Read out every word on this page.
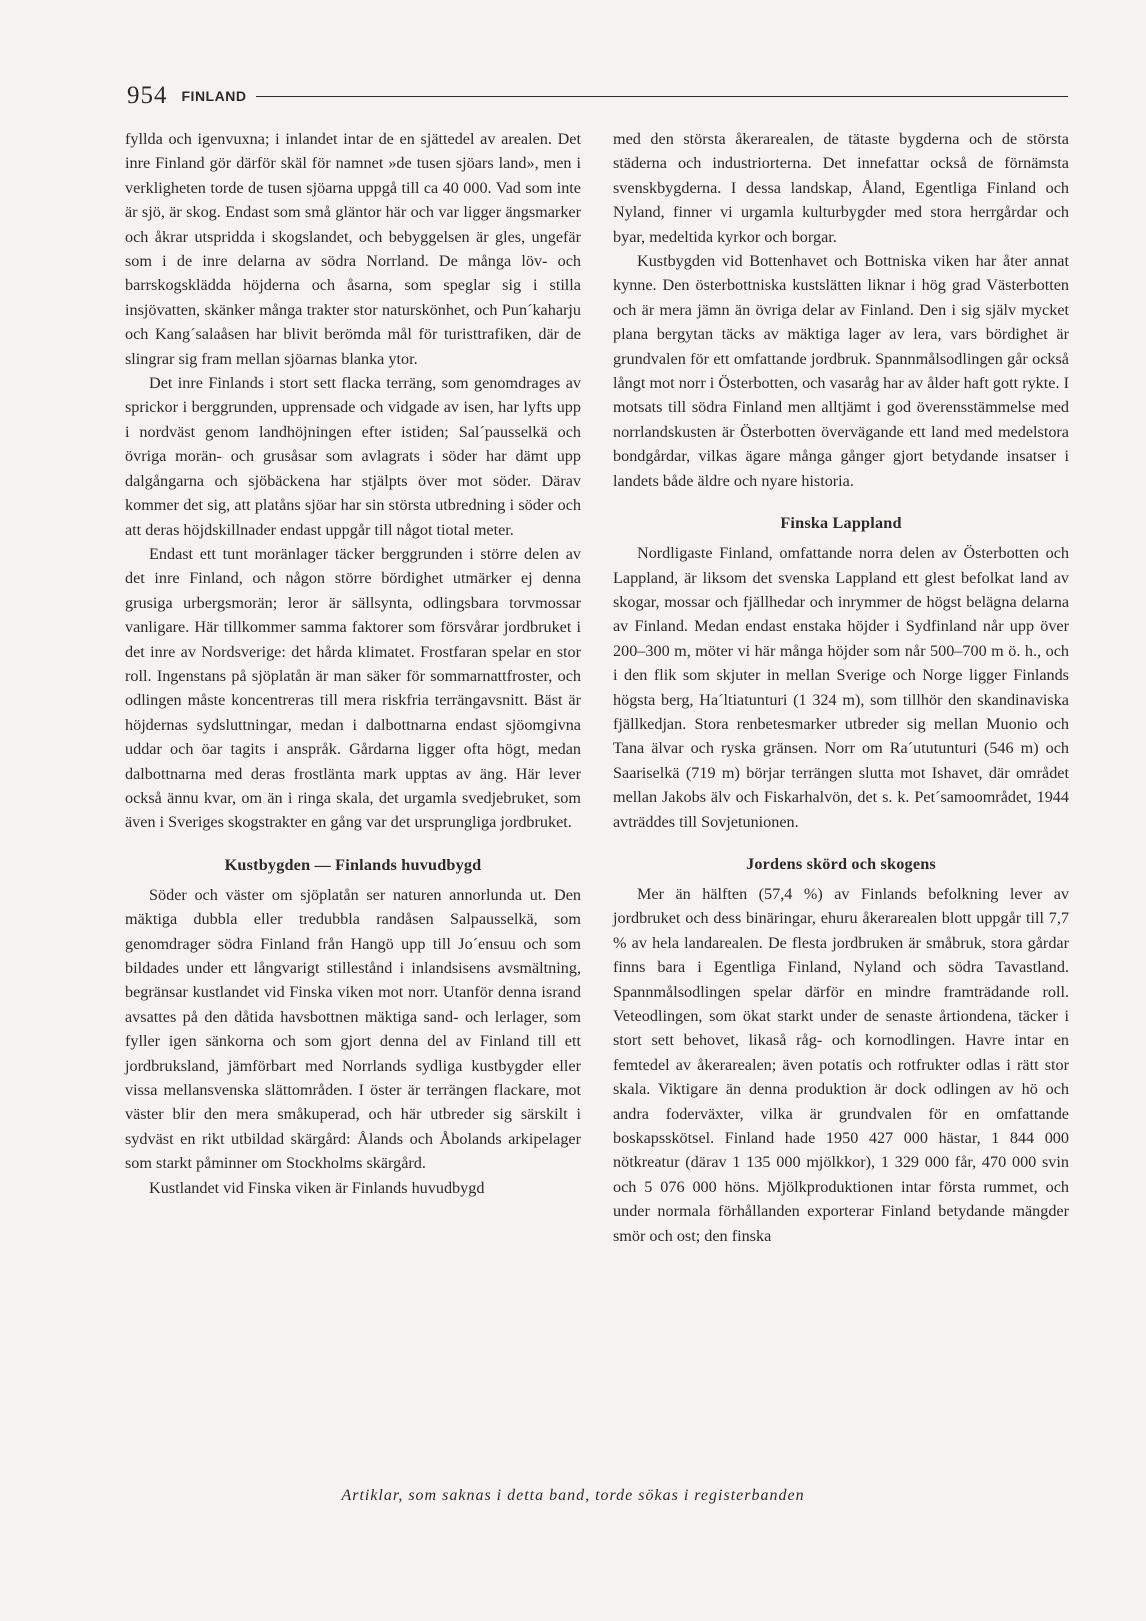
954 FINLAND

fyllda och igenvuxna; i inlandet intar de en sjättedel av arealen. Det inre Finland gör därför skäl för namnet »de tusen sjöars land», men i verkligheten torde de tusen sjöarna uppgå till ca 40 000. Vad som inte är sjö, är skog. Endast som små gläntor här och var ligger ängsmarker och åkrar utspridda i skogslandet, och bebyggelsen är gles, ungefär som i de inre delarna av södra Norrland. De många löv- och barrskogsklädda höjderna och åsarna, som speglar sig i stilla insjövatten, skänker många trakter stor naturskönhet, och Pun´kaharju och Kang´salaåsen har blivit berömda mål för turisttrafiken, där de slingrar sig fram mellan sjöarnas blanka ytor.

Det inre Finlands i stort sett flacka terräng, som genomdrages av sprickor i berggrunden, upprensade och vidgade av isen, har lyfts upp i nordväst genom landhöjningen efter istiden; Sal´pausselkä och övriga morän- och grusåsar som avlagrats i söder har dämt upp dalgångarna och sjöbäckena har stjälpts över mot söder. Därav kommer det sig, att platåns sjöar har sin största utbredning i söder och att deras höjdskillnader endast uppgår till något tiotal meter.

Endast ett tunt moränlager täcker berggrunden i större delen av det inre Finland, och någon större bördighet utmärker ej denna grusiga urbergsmorän; leror är sällsynta, odlingsbara torvmossar vanligare. Här tillkommer samma faktorer som försvårar jordbruket i det inre av Nordsverige: det hårda klimatet. Frostfaran spelar en stor roll. Ingenstans på sjöplatån är man säker för sommarnattfroster, och odlingen måste koncentreras till mera riskfria terrängavsnitt. Bäst är höjdernas sydsluttningar, medan i dalbottnarna endast sjöomgivna uddar och öar tagits i anspråk. Gårdarna ligger ofta högt, medan dalbottnarna med deras frostlänta mark upptas av äng. Här lever också ännu kvar, om än i ringa skala, det urgamla svedjebruket, som även i Sveriges skogstrakter en gång var det ursprungliga jordbruket.

Kustbygden — Finlands huvudbygd

Söder och väster om sjöplatån ser naturen annorlunda ut. Den mäktiga dubbla eller tredubbla randåsen Salpausselkä, som genomdrager södra Finland från Hangö upp till Jo´ensuu och som bildades under ett långvarigt stillestånd i inlandsisens avsmältning, begränsar kustlandet vid Finska viken mot norr. Utanför denna isrand avsattes på den dåtida havsbottnen mäktiga sand- och lerlager, som fyller igen sänkorna och som gjort denna del av Finland till ett jordbruksland, jämförbart med Norrlands sydliga kustbygder eller vissa mellansvenska slättområden. I öster är terrängen flackare, mot väster blir den mera småkuperad, och här utbreder sig särskilt i sydväst en rikt utbildad skärgård: Ålands och Åbolands arkipelager som starkt påminner om Stockholms skärgård.

Kustlandet vid Finska viken är Finlands huvudbygd

med den största åkerarealen, de tätaste bygderna och de största städerna och industriorterna. Det innefattar också de förnämsta svenskbygderna. I dessa landskap, Åland, Egentliga Finland och Nyland, finner vi urgamla kulturbygder med stora herrgårdar och byar, medeltida kyrkor och borgar.

Kustbygden vid Bottenhavet och Bottniska viken har åter annat kynne. Den österbottniska kustslätten liknar i hög grad Västerbotten och är mera jämn än övriga delar av Finland. Den i sig själv mycket plana bergytan täcks av mäktiga lager av lera, vars bördighet är grundvalen för ett omfattande jordbruk. Spannmålsodlingen går också långt mot norr i Österbotten, och vasaråg har av ålder haft gott rykte. I motsats till södra Finland men alltjämt i god överensstämmelse med norrlandskusten är Österbotten övervägande ett land med medelstora bondgårdar, vilkas ägare många gånger gjort betydande insatser i landets både äldre och nyare historia.

Finska Lappland

Nordligaste Finland, omfattande norra delen av Österbotten och Lappland, är liksom det svenska Lappland ett glest befolkat land av skogar, mossar och fjällhedar och inrymmer de högst belägna delarna av Finland. Medan endast enstaka höjder i Sydfinland når upp över 200–300 m, möter vi här många höjder som når 500–700 m ö. h., och i den flik som skjuter in mellan Sverige och Norge ligger Finlands högsta berg, Ha´ltiatunturi (1 324 m), som tillhör den skandinaviska fjällkedjan. Stora renbetesmarker utbreder sig mellan Muonio och Tana älvar och ryska gränsen. Norr om Ra´ututunturi (546 m) och Saariselkä (719 m) börjar terrängen slutta mot Ishavet, där området mellan Jakobs älv och Fiskarhalvön, det s. k. Pet´samoområdet, 1944 avträddes till Sovjetunionen.

Jordens skörd och skogens

Mer än hälften (57,4 %) av Finlands befolkning lever av jordbruket och dess binäringar, ehuru åkerarealen blott uppgår till 7,7 % av hela landarealen. De flesta jordbruken är småbruk, stora gårdar finns bara i Egentliga Finland, Nyland och södra Tavastland. Spannmålsodlingen spelar därför en mindre framträdande roll. Veteodlingen, som ökat starkt under de senaste årtiondena, täcker i stort sett behovet, likaså råg- och kornodlingen. Havre intar en femtedel av åkerarealen; även potatis och rotfrukter odlas i rätt stor skala. Viktigare än denna produktion är dock odlingen av hö och andra foderväxter, vilka är grundvalen för en omfattande boskapsskötsel. Finland hade 1950 427 000 hästar, 1 844 000 nötkreatur (därav 1 135 000 mjölkkor), 1 329 000 får, 470 000 svin och 5 076 000 höns. Mjölkproduktionen intar första rummet, och under normala förhållanden exporterar Finland betydande mängder smör och ost; den finska

Artiklar, som saknas i detta band, torde sökas i registerbanden
